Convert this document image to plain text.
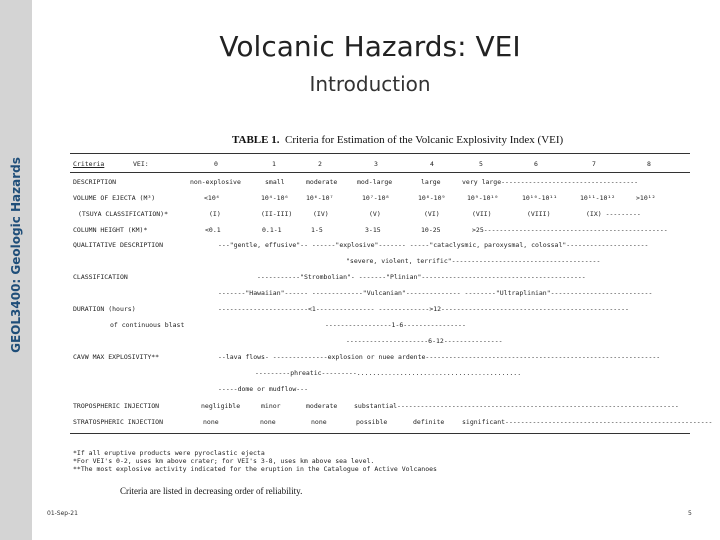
GEOL3400: Geologic Hazards
Volcanic Hazards: VEI
Introduction
TABLE 1. Criteria for Estimation of the Volcanic Explosivity Index (VEI)
Criteria	VEI:	0	1	2	3	4	5	6	7	8
DESCRIPTION	non-explosive	small	moderate	mod-large	large	very large-----------------------------------
VOLUME OF EJECTA (M³)	<10⁴	10⁴-10⁶	10⁶-10⁷	10⁷-10⁸	10⁸-10⁹	10⁹-10¹⁰	10¹⁰-10¹¹	10¹¹-10¹²	>10¹²
(TSUYA CLASSIFICATION)*	(I)	(II-III)	(IV)	(V)	(VI)	(VII)	(VIII)	(IX) ---------
COLUMN HEIGHT (KM)*	<0.1	0.1-1	1-5	3-15	10-25	>25-----------------------------------------------
QUALITATIVE DESCRIPTION	---"gentle, effusive"-- ------"explosive"------- -----"cataclysmic, paroxysmal, colossal"---------------------
"severe, violent, terrific"--------------------------------------
CLASSIFICATION	-----------"Strombolian"- -------"Plinian"------------------------------------------
-------"Hawaiian"------ -------------"Vulcanian"-------------- --------"Ultraplinian"--------------------------
DURATION (hours)	-----------------------<1--------------- ------------->12------------------------------------------------
of continuous blast	-----------------1-6----------------
---------------------6-12---------------
CAVW MAX EXPLOSIVITY**	--lava flows- --------------explosion or nuee ardente------------------------------------------------------------
---------phreatic---------..........................................
-----dome or mudflow---
TROPOSPHERIC INJECTION	negligible	minor	moderate	substantial------------------------------------------------------------------------
STRATOSPHERIC INJECTION	none	none	none	possible	definite	significant-----------------------------------------------------
*If all eruptive products were pyroclastic ejecta
*For VEI's 0-2, uses km above crater; for VEI's 3-8, uses km above sea level.
**The most explosive activity indicated for the eruption in the Catalogue of Active Volcanoes
Criteria are listed in decreasing order of reliability.
01-Sep-21	5
